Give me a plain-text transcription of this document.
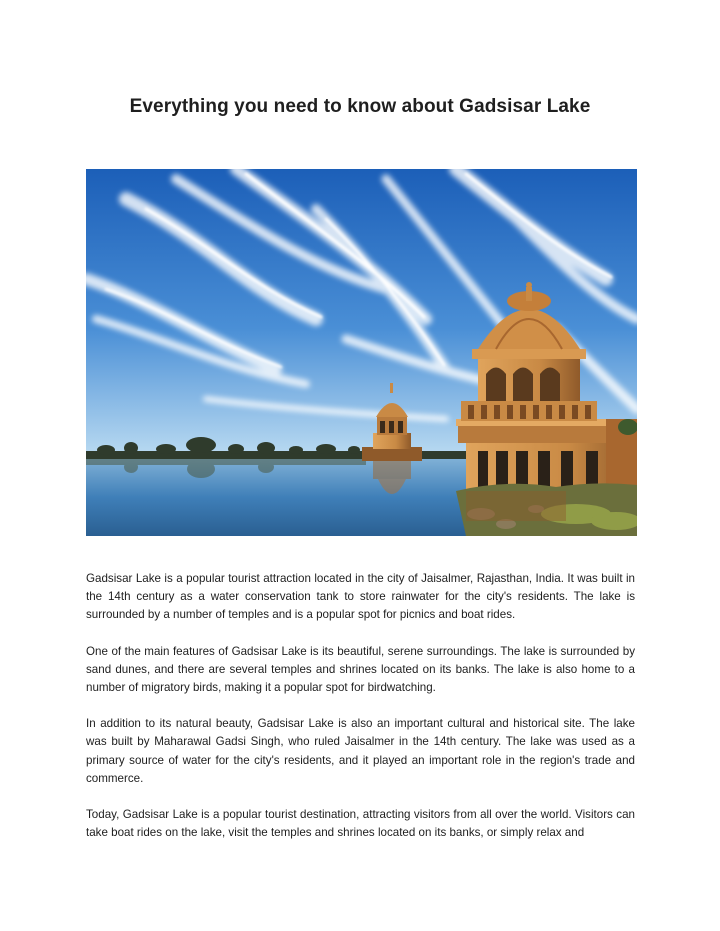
Everything you need to know about Gadsisar Lake

Gadsisar Lake is a popular tourist attraction located in the city of Jaisalmer, Rajasthan, India. It was built in the 14th century as a water conservation tank to store rainwater for the city's residents. The lake is surrounded by a number of temples and is a popular spot for picnics and boat rides.

One of the main features of Gadsisar Lake is its beautiful, serene surroundings. The lake is surrounded by sand dunes, and there are several temples and shrines located on its banks. The lake is also home to a number of migratory birds, making it a popular spot for birdwatching.

In addition to its natural beauty, Gadsisar Lake is also an important cultural and historical site. The lake was built by Maharawal Gadsi Singh, who ruled Jaisalmer in the 14th century. The lake was used as a primary source of water for the city's residents, and it played an important role in the region's trade and commerce.

Today, Gadsisar Lake is a popular tourist destination, attracting visitors from all over the world. Visitors can take boat rides on the lake, visit the temples and shrines located on its banks, or simply relax and
